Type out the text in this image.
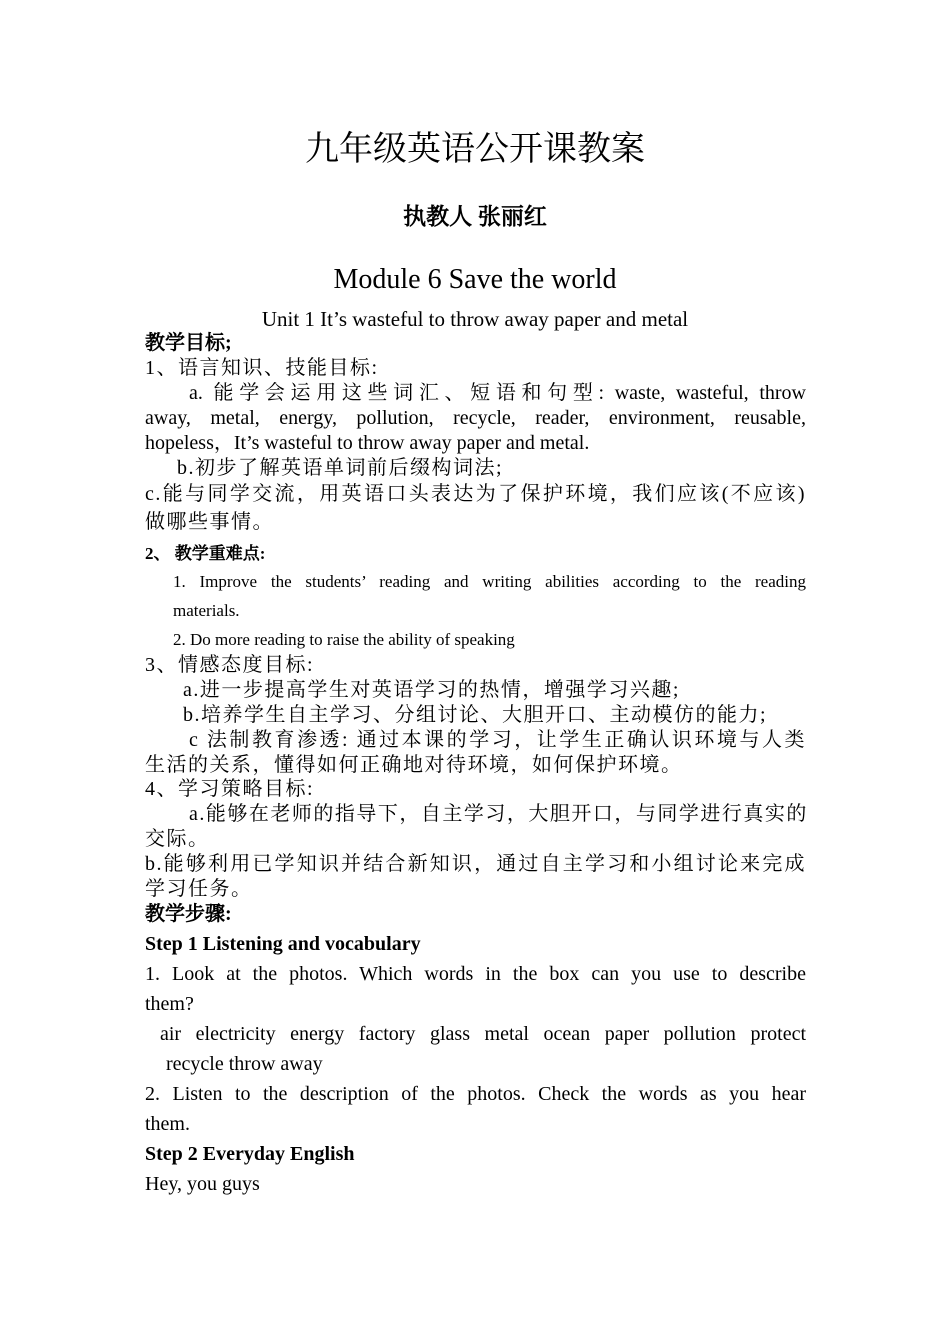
九年级英语公开课教案
执教人 张丽红
Module 6 Save the world
Unit 1 It’s wasteful to throw away paper and metal
教学目标;
1、语言知识、技能目标:
a. 能学会运用这些词汇、短语和句型: waste, wasteful, throw
away, metal, energy, pollution, recycle, reader, environment, reusable,
hopeless，It’s wasteful to throw away paper and metal.
b.初步了解英语单词前后缀构词法;
c.能与同学交流，用英语口头表达为了保护环境，我们应该(不应该)
做哪些事情。
2、 教学重难点:
1. Improve the students’ reading and writing abilities according to the reading
materials.
2. Do more reading to raise the ability of speaking
3、情感态度目标:
a.进一步提高学生对英语学习的热情，增强学习兴趣;
b.培养学生自主学习、分组讨论、大胆开口、主动模仿的能力;
c 法制教育渗透: 通过本课的学习，让学生正确认识环境与人类
生活的关系，懂得如何正确地对待环境，如何保护环境。
4、学习策略目标:
a.能够在老师的指导下，自主学习，大胆开口，与同学进行真实的
交际。
b.能够利用已学知识并结合新知识，通过自主学习和小组讨论来完成
学习任务。
教学步骤:
Step 1 Listening and vocabulary
1. Look at the photos. Which words in the box can you use to describe
them?
air electricity energy factory glass metal ocean paper pollution protect
recycle throw away
2. Listen to the description of the photos. Check the words as you hear
them.
Step 2 Everyday English
Hey, you guys
